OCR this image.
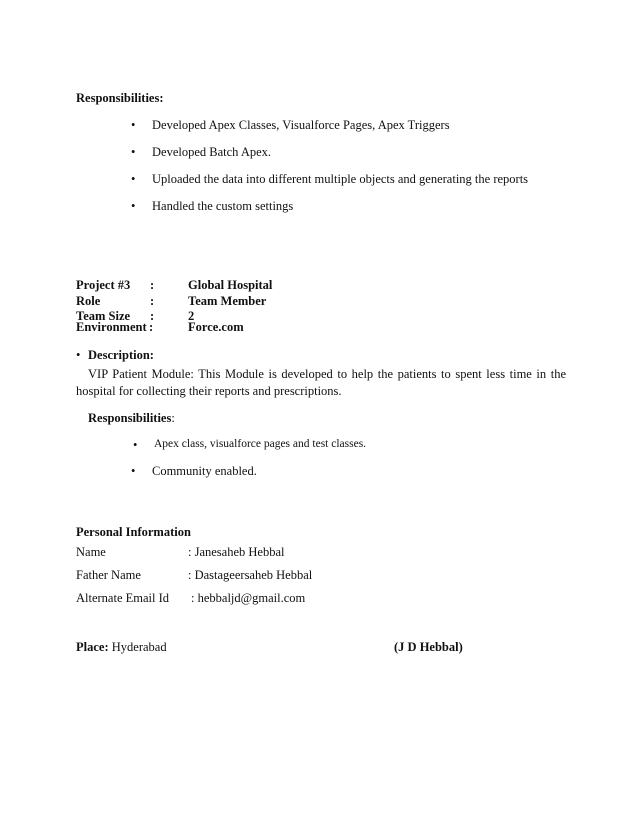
Responsibilities:
• Developed Apex Classes, Visualforce Pages, Apex Triggers
• Developed Batch Apex.
• Uploaded the data into different multiple objects and generating the reports
• Handled the custom settings
Project #3 :	Global Hospital
Role	:	Team Member
Team Size :	2
Environment :	Force.com
• Description:
VIP Patient Module: This Module is developed to help the patients to spent less time in the hospital for collecting their reports and prescriptions.
Responsibilities:
• Apex class, visualforce pages and test classes.
• Community enabled.
Personal Information
Name	: Janesaheb Hebbal
Father Name	: Dastageersaheb Hebbal
Alternate Email Id : hebbaljd@gmail.com
Place: Hyderabad	(J D Hebbal)
